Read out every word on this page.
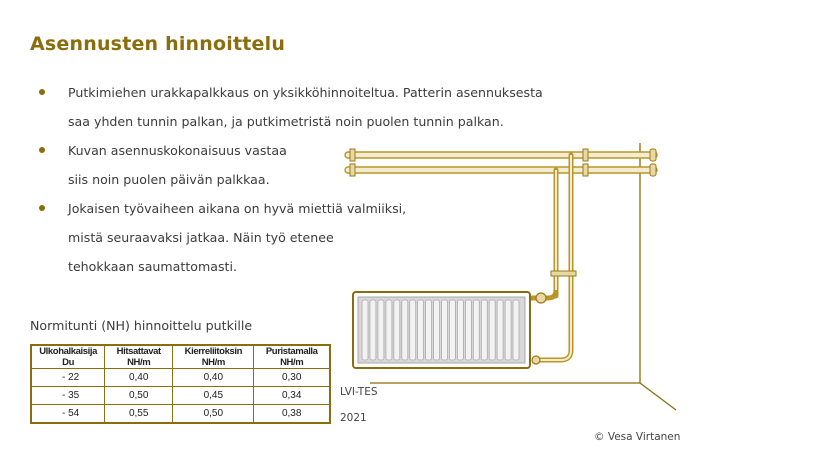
Asennusten hinnoittelu
Putkimiehen urakkapalkkaus on yksikköhinnoiteltua. Patterin asennuksesta
saa yhden tunnin palkan, ja putkimetristä noin puolen tunnin palkan.
Kuvan asennuskokonaisuus vastaa
siis noin puolen päivän palkkaa.
Jokaisen työvaiheen aikana on hyvä miettiä valmiiksi,
mistä seuraavaksi jatkaa. Näin työ etenee
tehokkaan saumattomasti.
Normitunti (NH) hinnoittelu putkille
Ulkohalkaisija Du	Hitsattavat NH/m	Kierreliitoksin NH/m	Puristamalla NH/m
- 22	0,40	0,40	0,30
- 35	0,50	0,45	0,34
- 54	0,55	0,50	0,38
LVI-TES
2021
© Vesa Virtanen
